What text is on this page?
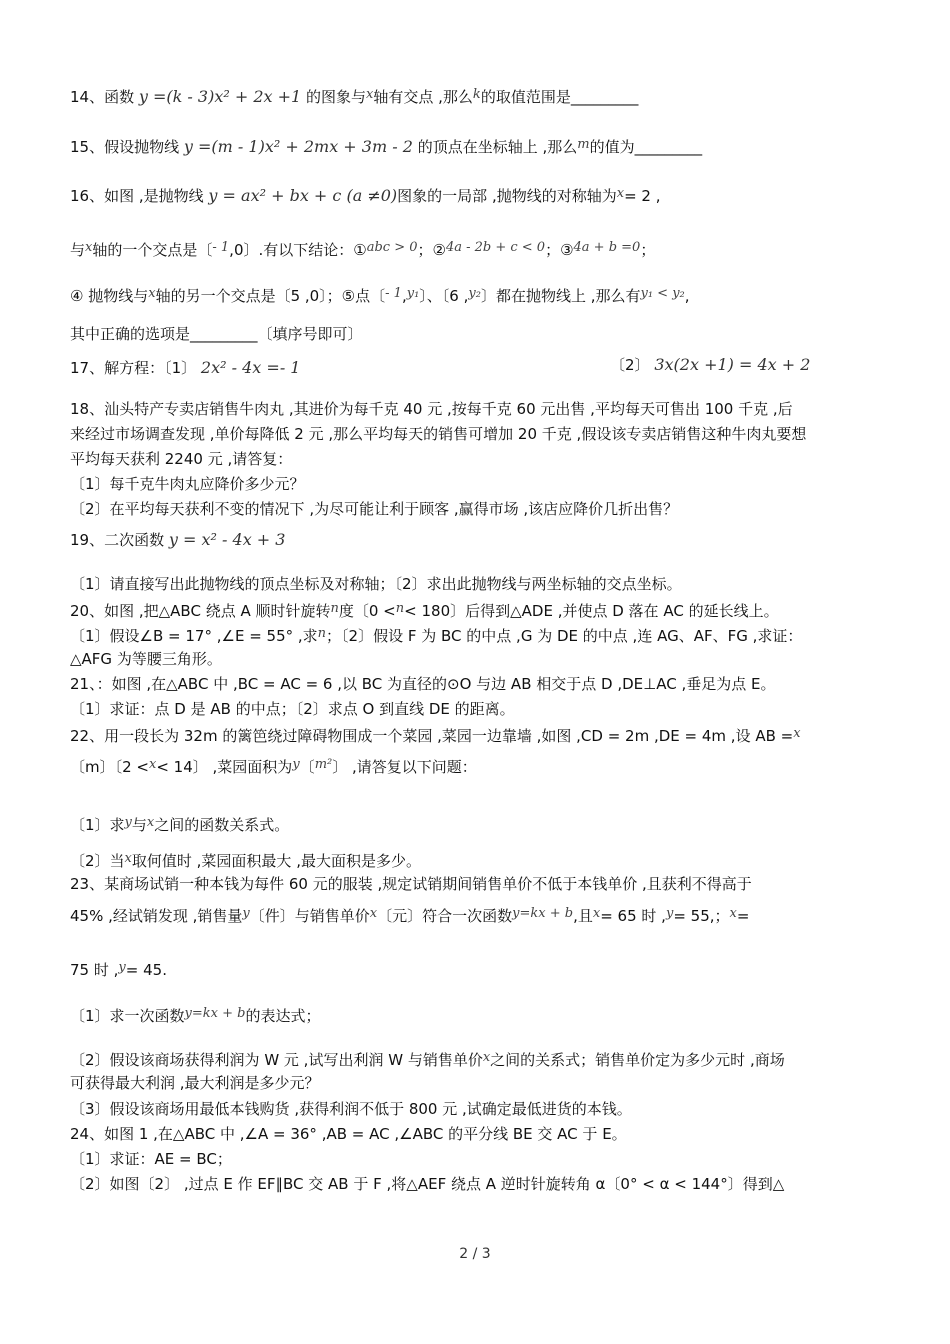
14、函数 y =(k - 3)x² + 2x +1 的图象与x轴有交点 ,那么k的取值范围是_________
15、假设抛物线 y =(m - 1)x² + 2mx + 3m - 2 的顶点在坐标轴上 ,那么m的值为_________
16、如图 ,是抛物线 y = ax² + bx + c (a ≠0)图象的一局部 ,抛物线的对称轴为x= 2 ,
与x轴的一个交点是〔- 1,0〕.有以下结论：①abc > 0；②4a - 2b + c < 0；③4a + b =0；
④ 抛物线与x轴的另一个交点是〔5 ,0〕；⑤点〔- 1,y₁〕、〔6 ,y₂〕都在抛物线上 ,那么有y₁ < y₂,
其中正确的选项是_________〔填序号即可〕
17、解方程：〔1〕 2x² - 4x =- 1	〔2〕 3x(2x +1) = 4x + 2
18、汕头特产专卖店销售牛肉丸 ,其进价为每千克 40 元 ,按每千克 60 元出售 ,平均每天可售出 100 千克 ,后
来经过市场调查发现 ,单价每降低 2 元 ,那么平均每天的销售可增加 20 千克 ,假设该专卖店销售这种牛肉丸要想
平均每天获利 2240 元 ,请答复：
〔1〕每千克牛肉丸应降价多少元？
〔2〕在平均每天获利不变的情况下 ,为尽可能让利于顾客 ,赢得市场 ,该店应降价几折出售？
19、二次函数 y = x² - 4x + 3
〔1〕请直接写出此抛物线的顶点坐标及对称轴；〔2〕求出此抛物线与两坐标轴的交点坐标。
20、如图 ,把△ABC 绕点 A 顺时针旋转n度〔0 <n< 180〕后得到△ADE ,并使点 D 落在 AC 的延长线上。
〔1〕假设∠B = 17° ,∠E = 55° ,求n；〔2〕假设 F 为 BC 的中点 ,G 为 DE 的中点 ,连 AG、AF、FG ,求证：
△AFG 为等腰三角形。
21、：如图 ,在△ABC 中 ,BC = AC = 6 ,以 BC 为直径的⊙O 与边 AB 相交于点 D ,DE⊥AC ,垂足为点 E。
〔1〕求证：点 D 是 AB 的中点；〔2〕求点 O 到直线 DE 的距离。
22、用一段长为 32m 的篱笆绕过障碍物围成一个菜园 ,菜园一边靠墙 ,如图 ,CD = 2m ,DE = 4m ,设 AB =x
〔m〕〔2 <x< 14〕 ,菜园面积为y〔m²〕 ,请答复以下问题：
〔1〕求y与x之间的函数关系式。
〔2〕当x取何值时 ,菜园面积最大 ,最大面积是多少。
23、某商场试销一种本钱为每件 60 元的服装 ,规定试销期间销售单价不低于本钱单价 ,且获利不得高于
45% ,经试销发现 ,销售量y〔件〕与销售单价x〔元〕符合一次函数y=kx + b,且x= 65 时 ,y= 55,；x=
75 时 ,y= 45.
〔1〕求一次函数y=kx + b的表达式；
〔2〕假设该商场获得利润为 W 元 ,试写出利润 W 与销售单价x之间的关系式；销售单价定为多少元时 ,商场
可获得最大利润 ,最大利润是多少元？
〔3〕假设该商场用最低本钱购货 ,获得利润不低于 800 元 ,试确定最低进货的本钱。
24、如图 1 ,在△ABC 中 ,∠A = 36° ,AB = AC ,∠ABC 的平分线 BE 交 AC 于 E。
〔1〕求证：AE = BC；
〔2〕如图〔2〕 ,过点 E 作 EF∥BC 交 AB 于 F ,将△AEF 绕点 A 逆时针旋转角 α〔0° < α < 144°〕得到△
2 / 3
